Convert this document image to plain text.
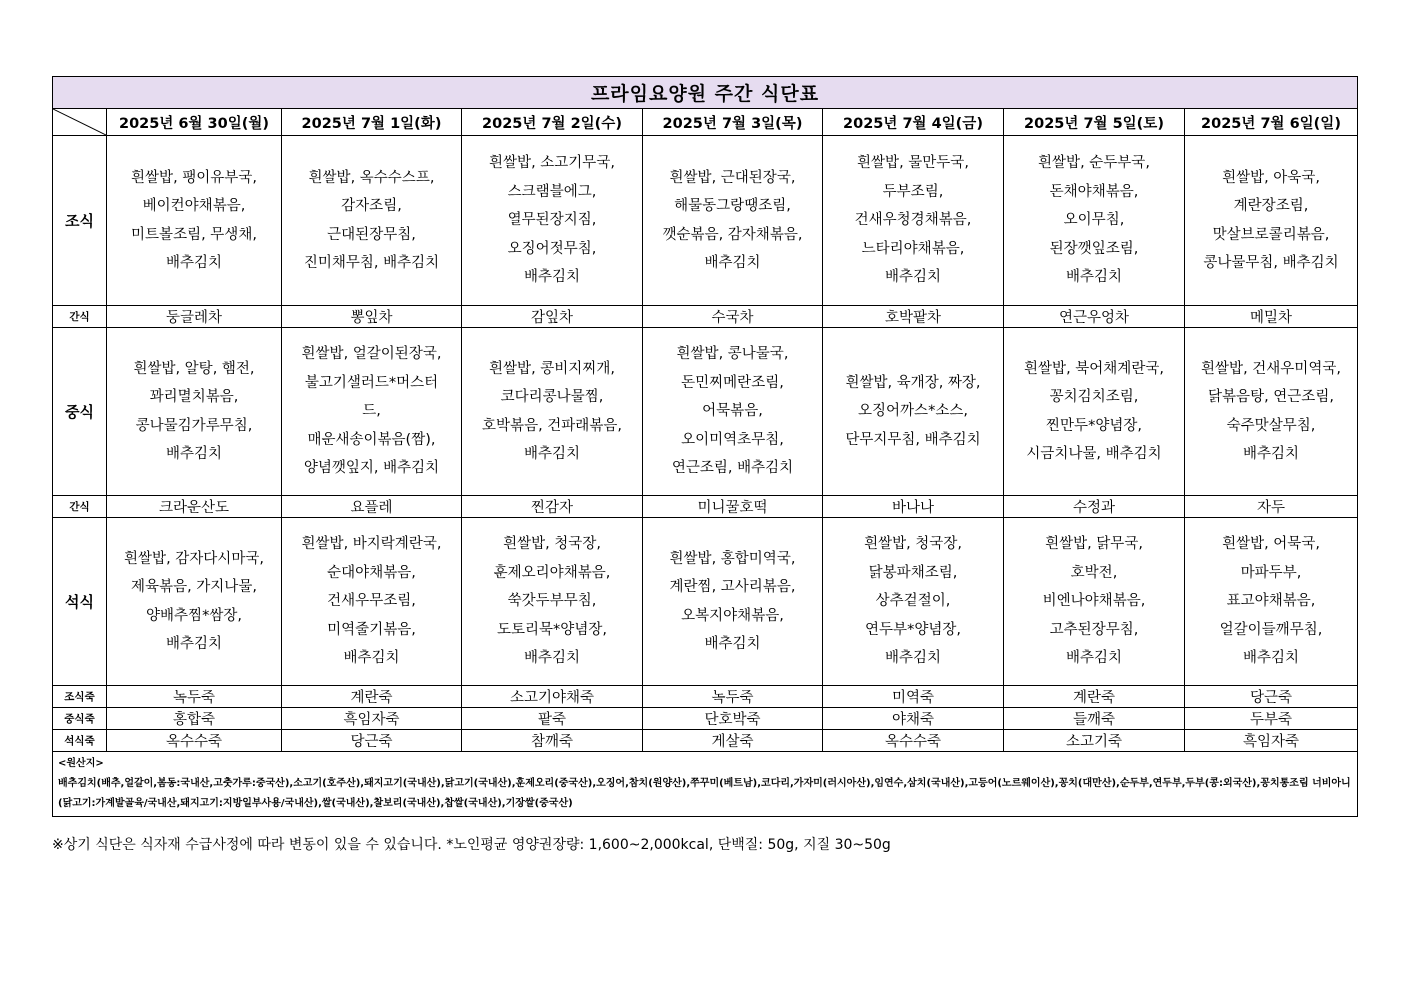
프라임요양원 주간 식단표							

	2025년 6월 30일(월)	2025년 7월 1일(화)	2025년 7월 2일(수)	2025년 7월 3일(목)	2025년 7월 4일(금)	2025년 7월 5일(토)	2025년 7월 6일(일)
조식	흰쌀밥, 팽이유부국,
베이컨야채볶음,
미트볼조림, 무생채,
배추김치	흰쌀밥, 옥수수스프,
감자조림,
근대된장무침,
진미채무침, 배추김치	흰쌀밥, 소고기무국,
스크램블에그,
열무된장지짐,
오징어젓무침,
배추김치	흰쌀밥, 근대된장국,
해물동그랑땡조림,
깻순볶음, 감자채볶음,
배추김치	흰쌀밥, 물만두국,
두부조림,
건새우청경채볶음,
느타리야채볶음,
배추김치	흰쌀밥, 순두부국,
돈채야채볶음,
오이무침,
된장깻잎조림,
배추김치	흰쌀밥, 아욱국,
계란장조림,
맛살브로콜리볶음,
콩나물무침, 배추김치

간식	둥글레차	뽕잎차	감잎차	수국차	호박팥차	연근우엉차	메밀차
중식	흰쌀밥, 알탕, 햄전,
꽈리멸치볶음,
콩나물김가루무침,
배추김치	흰쌀밥, 얼갈이된장국,
불고기샐러드*머스터
드,
매운새송이볶음(짬),
양념깻잎지, 배추김치	흰쌀밥, 콩비지찌개,
코다리콩나물찜,
호박볶음, 건파래볶음,
배추김치	흰쌀밥, 콩나물국,
돈민찌메란조림,
어묵볶음,
오이미역초무침,
연근조림, 배추김치	흰쌀밥, 육개장, 짜장,
오징어까스*소스,
단무지무침, 배추김치	흰쌀밥, 북어채계란국,
꽁치김치조림,
찐만두*양념장,
시금치나물, 배추김치	흰쌀밥, 건새우미역국,
닭볶음탕, 연근조림,
숙주맛살무침,
배추김치

간식	크라운산도	요플레	찐감자	미니꿀호떡	바나나	수정과	자두
석식	흰쌀밥, 감자다시마국,
제육볶음, 가지나물,
양배추찜*쌈장,
배추김치	흰쌀밥, 바지락계란국,
순대야채볶음,
건새우무조림,
미역줄기볶음,
배추김치	흰쌀밥, 청국장,
훈제오리야채볶음,
쑥갓두부무침,
도토리묵*양념장,
배추김치	흰쌀밥, 홍합미역국,
계란찜, 고사리볶음,
오복지야채볶음,
배추김치	흰쌀밥, 청국장,
닭봉파채조림,
상추겉절이,
연두부*양념장,
배추김치	흰쌀밥, 닭무국,
호박전,
비엔나야채볶음,
고추된장무침,
배추김치	흰쌀밥, 어묵국,
마파두부,
표고야채볶음,
얼갈이들깨무침,
배추김치

조식죽	녹두죽	계란죽	소고기야채죽	녹두죽	미역죽	계란죽	당근죽
중식죽	홍합죽	흑임자죽	팥죽	단호박죽	야채죽	들깨죽	두부죽
석식죽	옥수수죽	당근죽	참깨죽	게살죽	옥수수죽	소고기죽	흑임자죽

<원산지>
배추김치(배추,얼갈이,봄동:국내산,고춧가루:중국산),소고기(호주산),돼지고기(국내산),닭고기(국내산),훈제오리(중국산),오징어,참치(원양산),쭈꾸미(베트남),코다리,가자미(러시아산),임연수,삼치(국내산),고등어(노르웨이산),꽁치(대만산),순두부,연두부,두부(콩:외국산),꽁치통조림 너비아니(닭고기:가계발골육/국내산,돼지고기:지방일부사용/국내산),쌀(국내산),찰보리(국내산),찹쌀(국내산),기장쌀(중국산)							
※상기 식단은 식자재 수급사정에 따라 변동이 있을 수 있습니다. *노인평균 영양권장량: 1,600~2,000kcal, 단백질: 50g, 지질 30~50g
